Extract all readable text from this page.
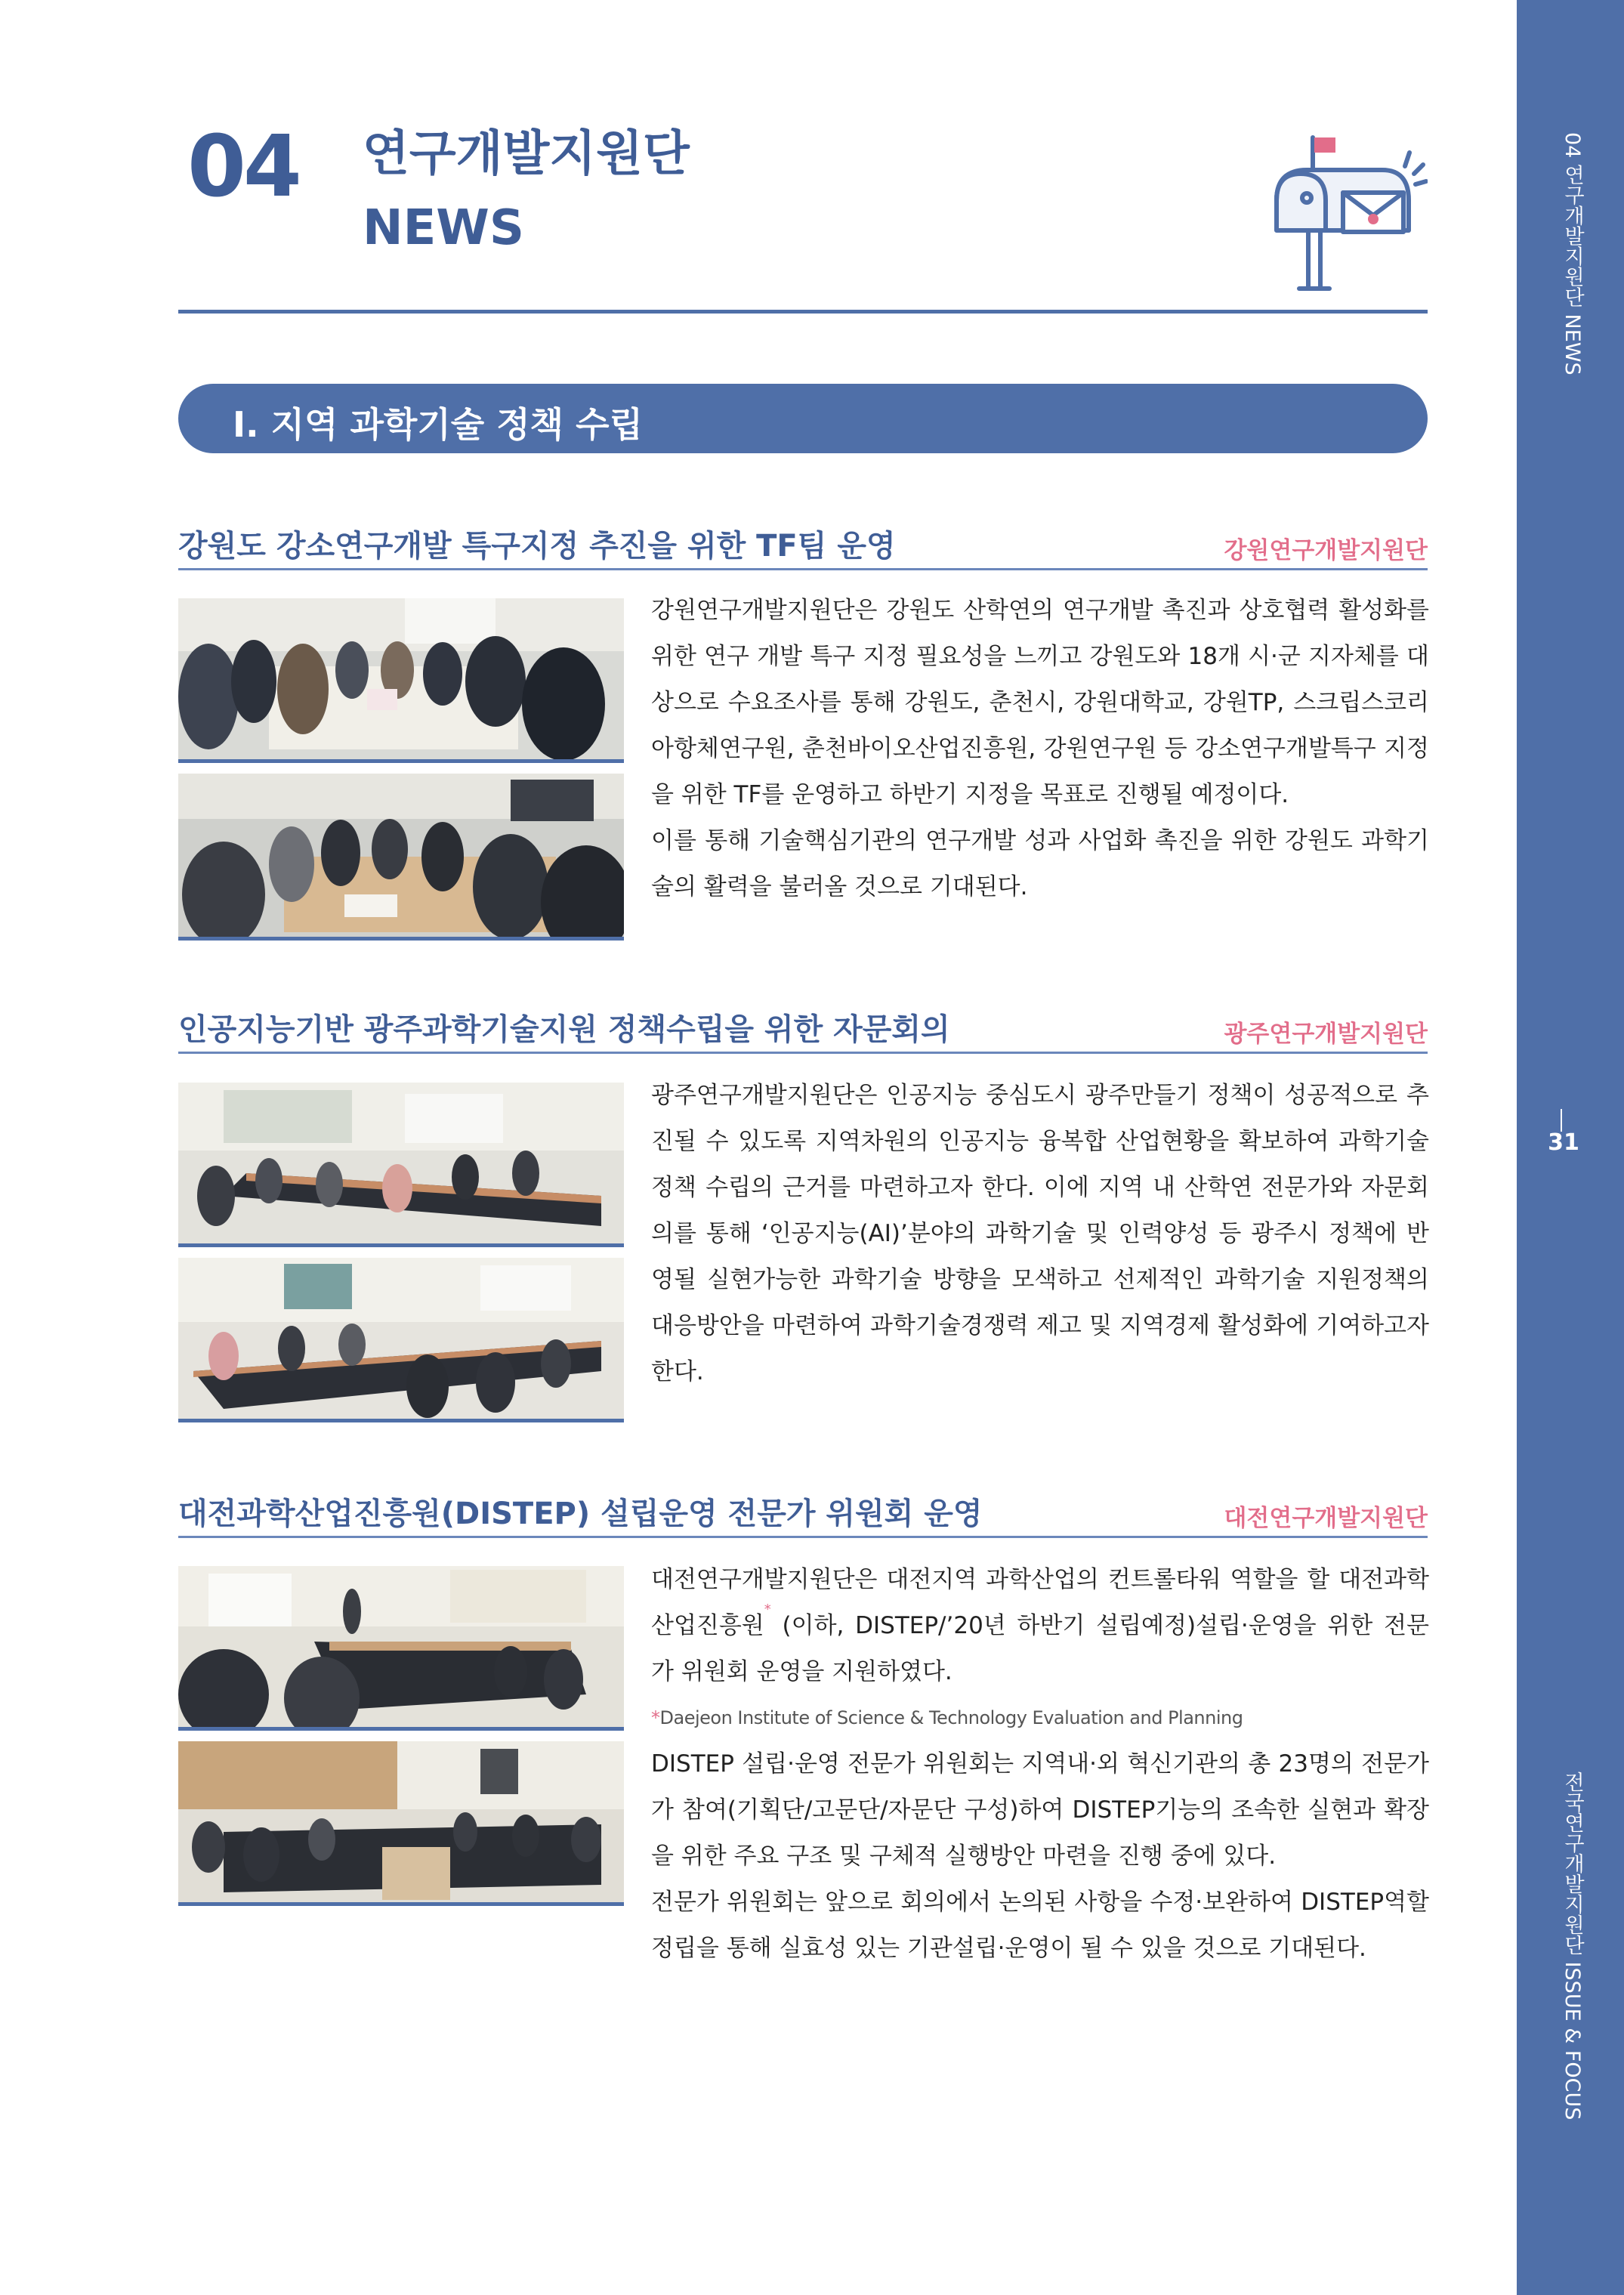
04 연구개발지원단 NEWS
31
전국연구개발지원단 ISSUE & FOCUS
04 연구개발지원단
NEWS
Ⅰ. 지역 과학기술 정책 수립
강원도 강소연구개발 특구지정 추진을 위한 TF팀 운영	강원연구개발지원단

강원연구개발지원단은 강원도 산학연의 연구개발 촉진과 상호협력 활성화를 위한 연구 개발 특구 지정 필요성을 느끼고 강원도와 18개 시·군 지자체를 대상으로 수요조사를 통해 강원도, 춘천시, 강원대학교, 강원TP, 스크립스코리아항체연구원, 춘천바이오산업진흥원, 강원연구원 등 강소연구개발특구 지정을 위한 TF를 운영하고 하반기 지정을 목표로 진행될 예정이다.

이를 통해 기술핵심기관의 연구개발 성과 사업화 촉진을 위한 강원도 과학기술의 활력을 불러올 것으로 기대된다.

인공지능기반 광주과학기술지원 정책수립을 위한 자문회의	광주연구개발지원단

광주연구개발지원단은 인공지능 중심도시 광주만들기 정책이 성공적으로 추진될 수 있도록 지역차원의 인공지능 융복합 산업현황을 확보하여 과학기술 정책 수립의 근거를 마련하고자 한다. 이에 지역 내 산학연 전문가와 자문회의를 통해 ‘인공지능(AI)’분야의 과학기술 및 인력양성 등 광주시 정책에 반영될 실현가능한 과학기술 방향을 모색하고 선제적인 과학기술 지원정책의 대응방안을 마련하여 과학기술경쟁력 제고 및 지역경제 활성화에 기여하고자 한다.

대전과학산업진흥원(DISTEP) 설립운영 전문가 위원회 운영	대전연구개발지원단

대전연구개발지원단은 대전지역 과학산업의 컨트롤타워 역할을 할 대전과학산업진흥원* (이하, DISTEP/’20년 하반기 설립예정)설립·운영을 위한 전문가 위원회 운영을 지원하였다.

*Daejeon Institute of Science & Technology Evaluation and Planning

DISTEP 설립·운영 전문가 위원회는 지역내·외 혁신기관의 총 23명의 전문가가 참여(기획단/고문단/자문단 구성)하여 DISTEP기능의 조속한 실현과 확장을 위한 주요 구조 및 구체적 실행방안 마련을 진행 중에 있다.

전문가 위원회는 앞으로 회의에서 논의된 사항을 수정·보완하여 DISTEP역할 정립을 통해 실효성 있는 기관설립·운영이 될 수 있을 것으로 기대된다.
